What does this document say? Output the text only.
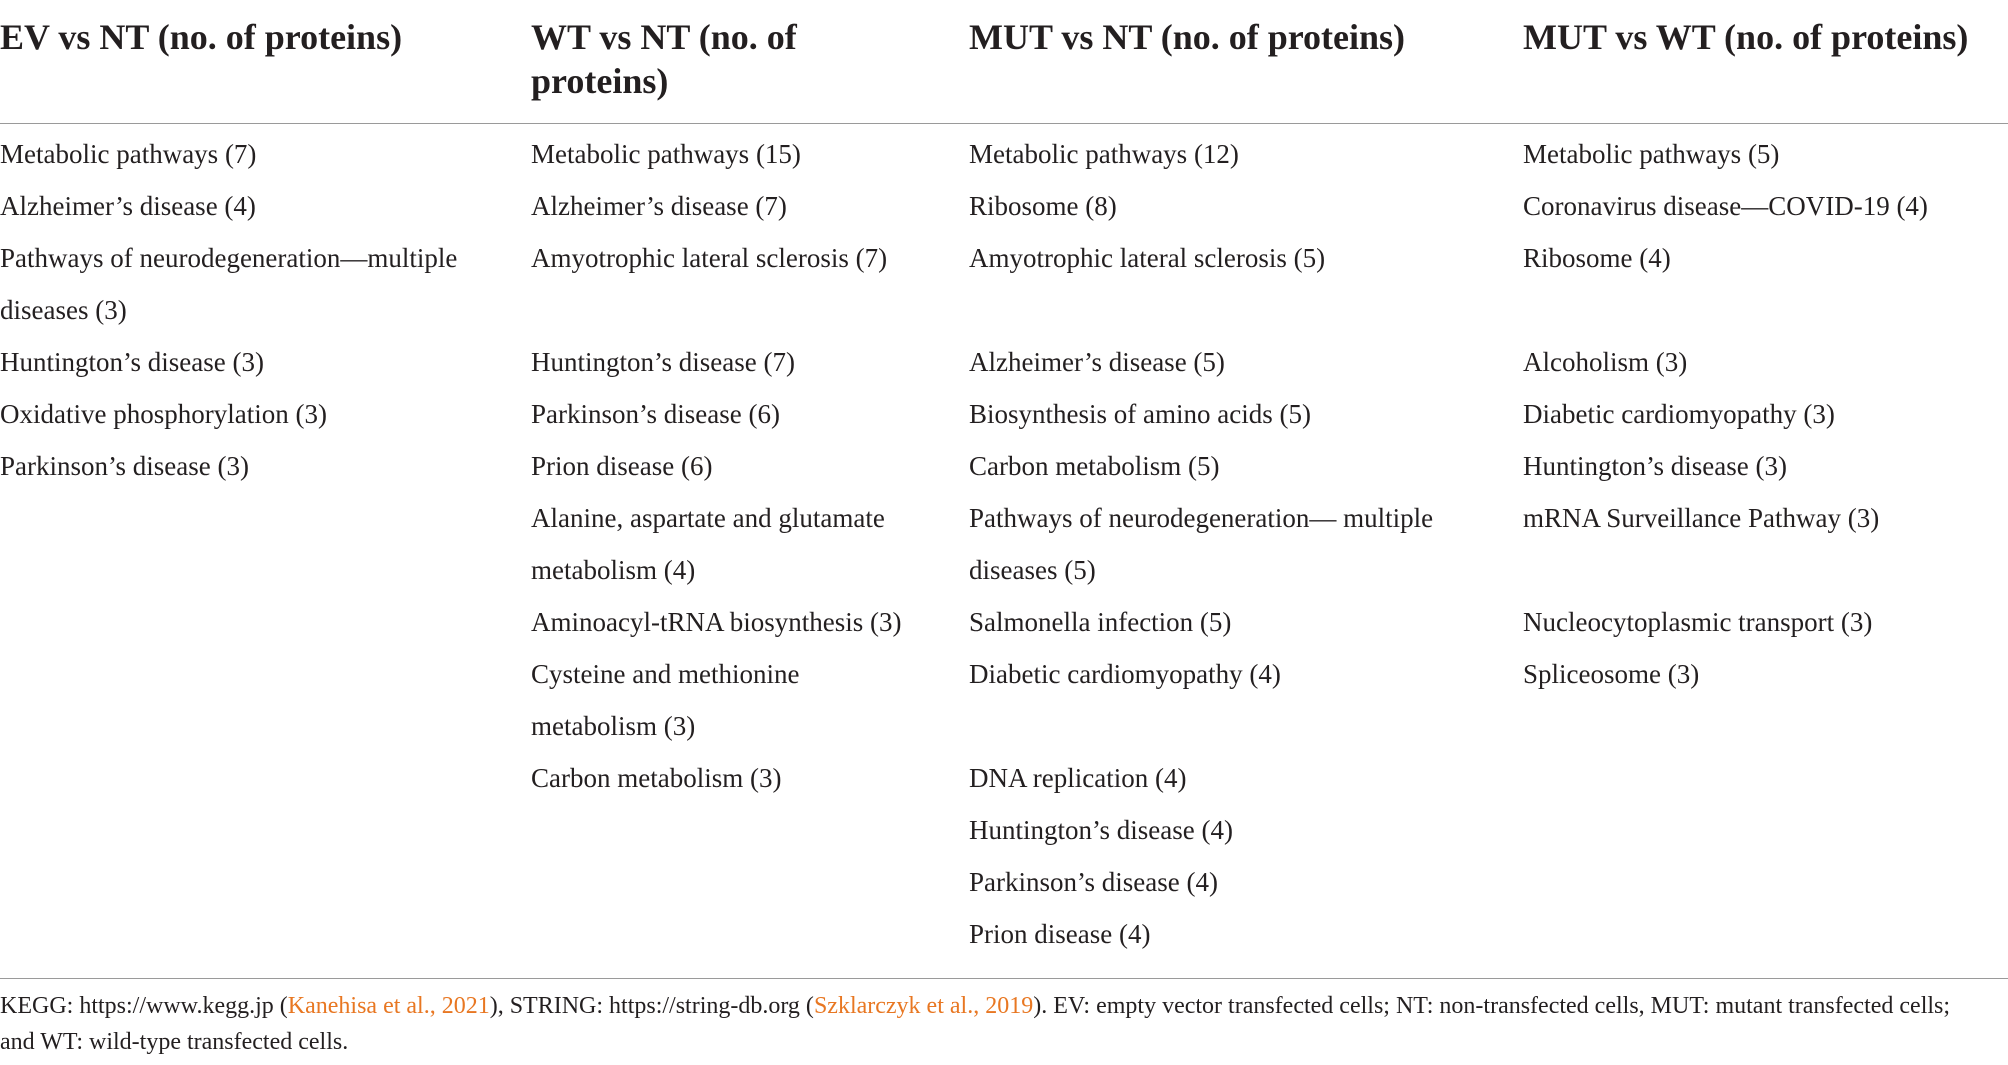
EV vs NT (no. of proteins)	WT vs NT (no. of proteins)
MUT vs NT (no. of proteins)	MUT vs WT (no. of proteins)
Metabolic pathways (7)
Alzheimer’s disease (4)
Pathways of neurodegeneration—multiple diseases (3)
Huntington’s disease (3)
Oxidative phosphorylation (3)
Parkinson’s disease (3)
Metabolic pathways (15)
Alzheimer’s disease (7)
Amyotrophic lateral sclerosis (7)
Huntington’s disease (7)
Parkinson’s disease (6)
Prion disease (6)
Alanine, aspartate and glutamate metabolism (4)
Aminoacyl-tRNA biosynthesis (3)
Cysteine and methionine metabolism (3)
Carbon metabolism (3)
Metabolic pathways (12)
Ribosome (8)
Amyotrophic lateral sclerosis (5)
Alzheimer’s disease (5)
Biosynthesis of amino acids (5)
Carbon metabolism (5)
Pathways of neurodegeneration— multiple diseases (5)
Salmonella infection (5)
Diabetic cardiomyopathy (4)
DNA replication (4)
Huntington’s disease (4)
Parkinson’s disease (4)
Prion disease (4)
Metabolic pathways (5)
Coronavirus disease—COVID-19 (4)
Ribosome (4)
Alcoholism (3)
Diabetic cardiomyopathy (3)
Huntington’s disease (3)
mRNA Surveillance Pathway (3)
Nucleocytoplasmic transport (3)
Spliceosome (3)
KEGG: https://www.kegg.jp (Kanehisa et al., 2021), STRING: https://string-db.org (Szklarczyk et al., 2019). EV: empty vector transfected cells; NT: non-transfected cells, MUT: mutant transfected cells; and WT: wild-type transfected cells.
